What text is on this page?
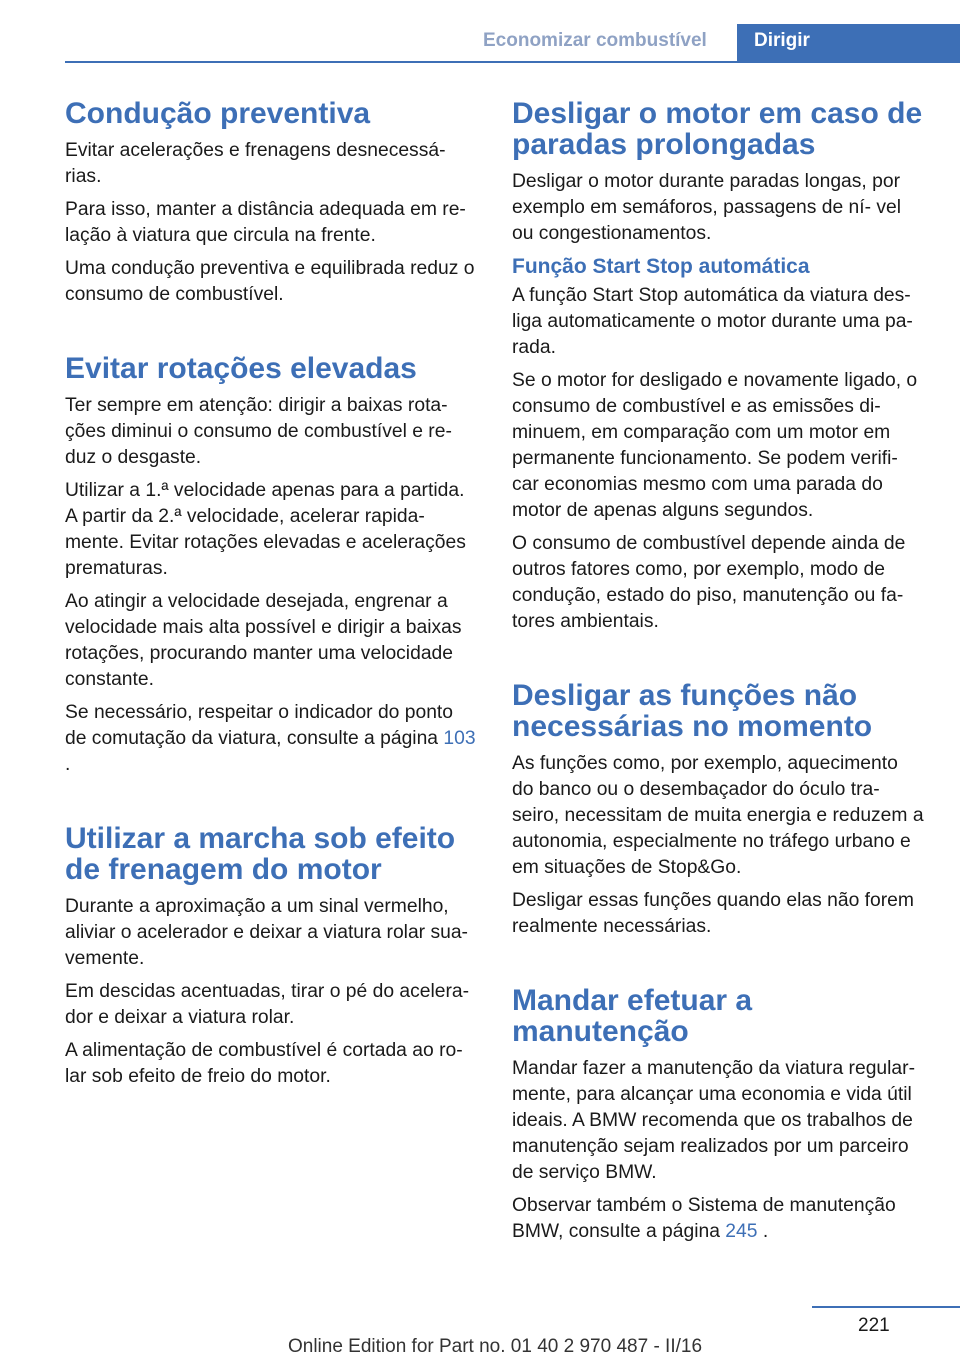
Economizar combustível	Dirigir
Condução preventiva

Evitar acelerações e frenagens desnecessá‐ rias.

Para isso, manter a distância adequada em re‐ lação à viatura que circula na frente.

Uma condução preventiva e equilibrada reduz o consumo de combustível.

Evitar rotações elevadas

Ter sempre em atenção: dirigir a baixas rota‐ ções diminui o consumo de combustível e re‐ duz o desgaste.

Utilizar a 1.ª velocidade apenas para a partida. A partir da 2.ª velocidade, acelerar rapida‐ mente. Evitar rotações elevadas e acelerações prematuras.

Ao atingir a velocidade desejada, engrenar a velocidade mais alta possível e dirigir a baixas rotações, procurando manter uma velocidade constante.

Se necessário, respeitar o indicador do ponto de comutação da viatura, consulte a página 103 .

Utilizar a marcha sob efeito de frenagem do motor

Durante a aproximação a um sinal vermelho, aliviar o acelerador e deixar a viatura rolar sua‐ vemente.

Em descidas acentuadas, tirar o pé do acelera‐ dor e deixar a viatura rolar.

A alimentação de combustível é cortada ao ro‐ lar sob efeito de freio do motor.

Desligar o motor em caso de paradas prolongadas

Desligar o motor durante paradas longas, por exemplo em semáforos, passagens de ní‐ vel ou congestionamentos.

Função Start Stop automática

A função Start Stop automática da viatura des‐ liga automaticamente o motor durante uma pa‐ rada.

Se o motor for desligado e novamente ligado, o consumo de combustível e as emissões di‐ minuem, em comparação com um motor em permanente funcionamento. Se podem verifi‐ car economias mesmo com uma parada do motor de apenas alguns segundos.

O consumo de combustível depende ainda de outros fatores como, por exemplo, modo de condução, estado do piso, manutenção ou fa‐ tores ambientais.

Desligar as funções não necessárias no momento

As funções como, por exemplo, aquecimento do banco ou o desembaçador do óculo tra‐ seiro, necessitam de muita energia e reduzem a autonomia, especialmente no tráfego urbano e em situações de Stop&Go.

Desligar essas funções quando elas não forem realmente necessárias.

Mandar efetuar a manutenção

Mandar fazer a manutenção da viatura regular‐ mente, para alcançar uma economia e vida útil ideais. A BMW recomenda que os trabalhos de manutenção sejam realizados por um parceiro de serviço BMW.

Observar também o Sistema de manutenção BMW, consulte a página 245 .

221
Online Edition for Part no. 01 40 2 970 487 - II/16
